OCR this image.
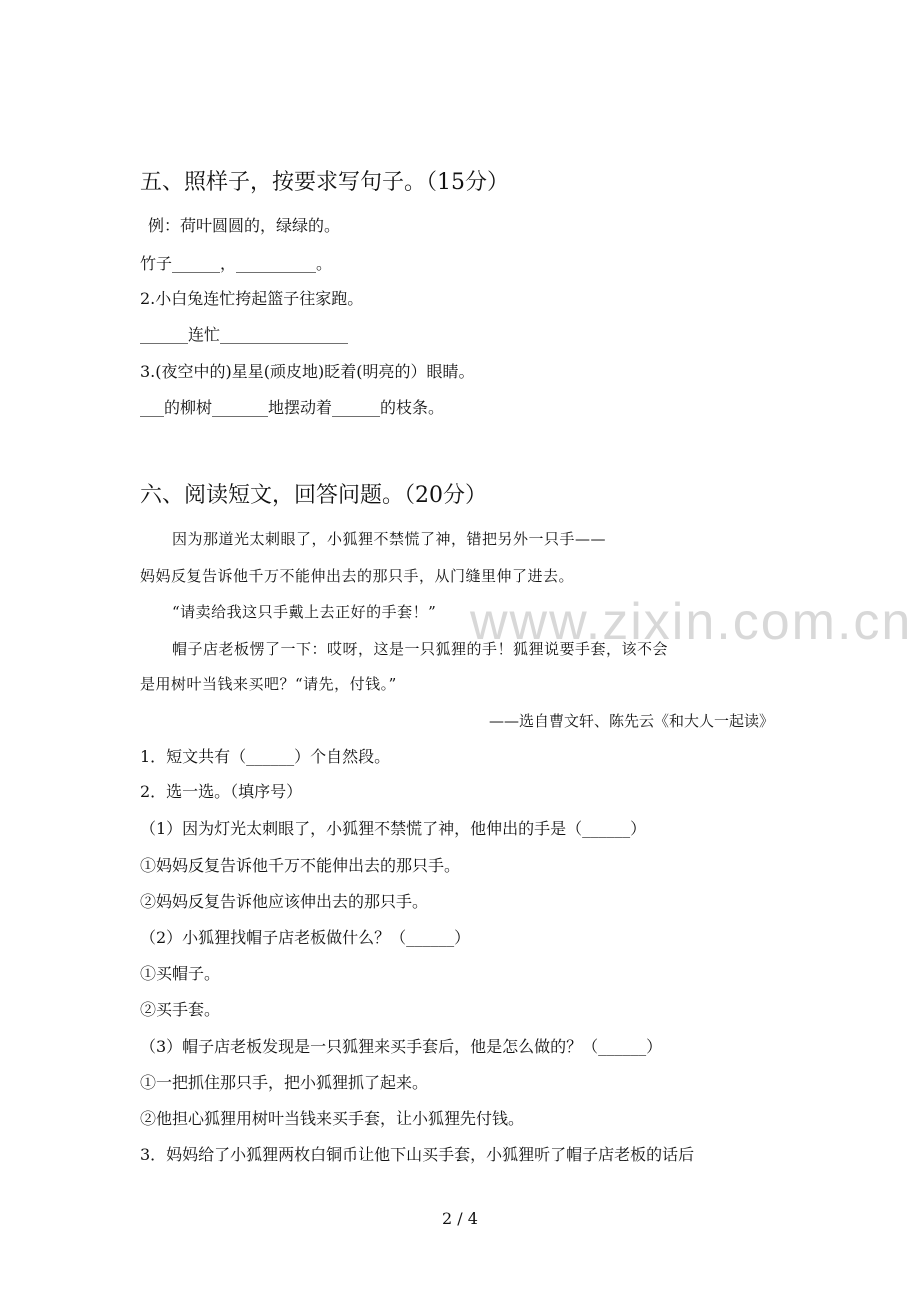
www.zixin.com.cn
五、照样子，按要求写句子。（15分）
例：荷叶圆圆的，绿绿的。
竹子______，__________。
2.小白兔连忙挎起篮子往家跑。
______连忙________________
3.(夜空中的)星星(顽皮地)眨着(明亮的）眼睛。
___的柳树_______地摆动着______的枝条。
六、阅读短文，回答问题。（20分）
因为那道光太刺眼了，小狐狸不禁慌了神，错把另外一只手——
妈妈反复告诉他千万不能伸出去的那只手，从门缝里伸了进去。
“请卖给我这只手戴上去正好的手套！”
帽子店老板愣了一下：哎呀，这是一只狐狸的手！狐狸说要手套，该不会
是用树叶当钱来买吧？“请先，付钱。”
——选自曹文轩、陈先云《和大人一起读》
1．短文共有（______）个自然段。
2．选一选。（填序号）
（1）因为灯光太刺眼了，小狐狸不禁慌了神，他伸出的手是（______）
①妈妈反复告诉他千万不能伸出去的那只手。
②妈妈反复告诉他应该伸出去的那只手。
（2）小狐狸找帽子店老板做什么？（______）
①买帽子。
②买手套。
（3）帽子店老板发现是一只狐狸来买手套后，他是怎么做的？（______）
①一把抓住那只手，把小狐狸抓了起来。
②他担心狐狸用树叶当钱来买手套，让小狐狸先付钱。
3．妈妈给了小狐狸两枚白铜币让他下山买手套，小狐狸听了帽子店老板的话后
2 / 4
